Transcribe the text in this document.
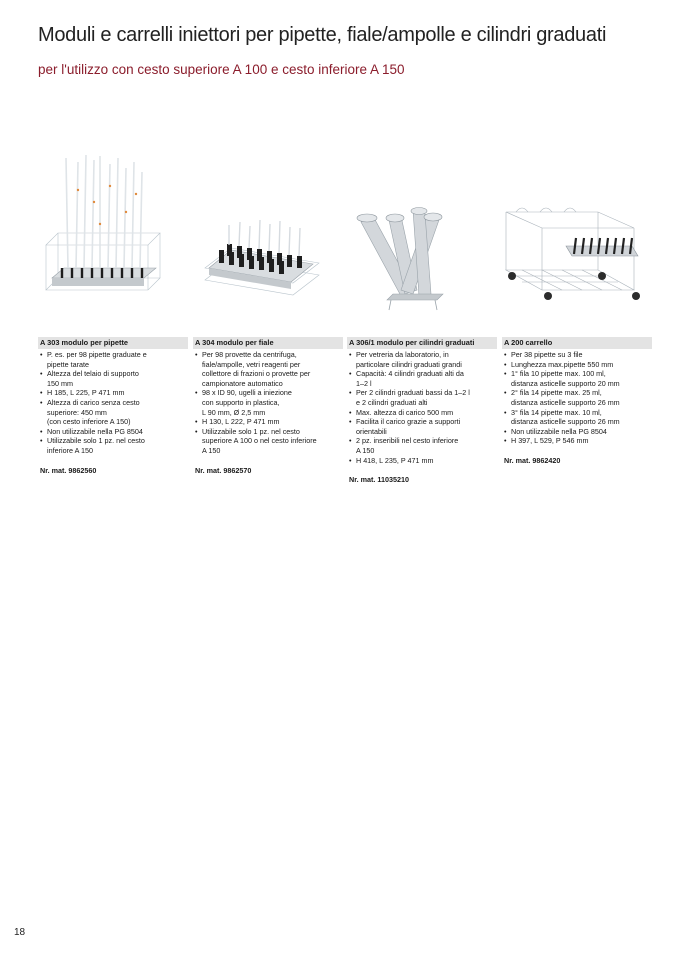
Moduli e carrelli iniettori per pipette, fiale/ampolle e cilindri graduati
per l'utilizzo con cesto superiore A 100 e cesto inferiore A 150
A 303 modulo per pipette
• P. es. per 98 pipette graduate e
pipette tarate
• Altezza del telaio di supporto
150 mm
• H 185, L 225, P 471 mm
• Altezza di carico senza cesto
superiore: 450 mm
(con cesto inferiore A 150)
• Non utilizzabile nella PG 8504
• Utilizzabile solo 1 pz. nel cesto
inferiore A 150
Nr. mat. 9862560
A 304 modulo per fiale
• Per 98 provette da centrifuga,
fiale/ampolle, vetri reagenti per
collettore di frazioni o provette per
campionatore automatico
• 98 x ID 90, ugelli a iniezione
con supporto in plastica,
L 90 mm, Ø 2,5 mm
• H 130, L 222, P 471 mm
• Utilizzabile solo 1 pz. nel cesto
superiore A 100 o nel cesto inferiore
A 150
Nr. mat. 9862570
A 306/1 modulo per cilindri graduati
• Per vetreria da laboratorio, in
particolare cilindri graduati grandi
• Capacità: 4 cilindri graduati alti da
1–2 l
• Per 2 cilindri graduati bassi da 1–2 l
e 2 cilindri graduati alti
• Max. altezza di carico 500 mm
• Facilita il carico grazie a supporti
orientabili
• 2 pz. inseribili nel cesto inferiore
A 150
• H 418, L 235, P 471 mm
Nr. mat. 11035210
A 200 carrello
• Per 38 pipette su 3 file
• Lunghezza max.pipette 550 mm
• 1° fila 10 pipette max. 100 ml,
distanza asticelle supporto 20 mm
• 2° fila 14 pipette max. 25 ml,
distanza asticelle supporto 26 mm
• 3° fila 14 pipette max. 10 ml,
distanza asticelle supporto 26 mm
• Non utilizzabile nella PG 8504
• H 397, L 529, P 546 mm
Nr. mat. 9862420
18
